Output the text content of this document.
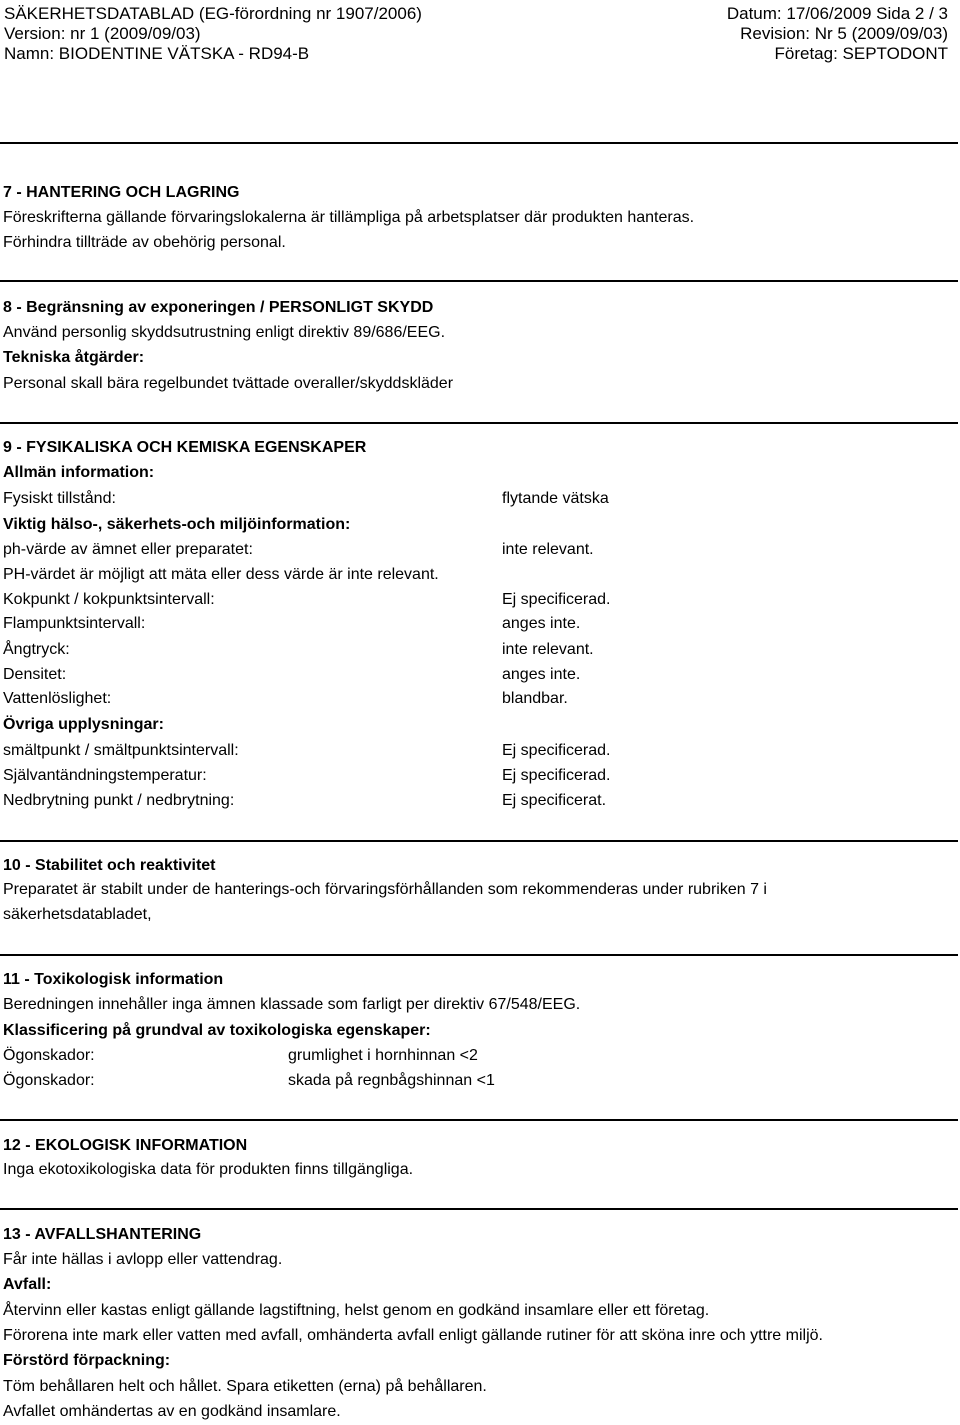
SÄKERHETSDATABLAD (EG-förordning nr 1907/2006)
Version: nr 1 (2009/09/03)
Namn: BIODENTINE VÄTSKA - RD94-B
Datum: 17/06/2009 Sida 2 / 3
Revision: Nr 5 (2009/09/03)
Företag: SEPTODONT
7 - HANTERING OCH LAGRING
Föreskrifterna gällande förvaringslokalerna är tillämpliga på arbetsplatser där produkten hanteras.
Förhindra tillträde av obehörig personal.
8 - Begränsning av exponeringen / PERSONLIGT SKYDD
Använd personlig skyddsutrustning enligt direktiv 89/686/EEG.
Tekniska åtgärder:
Personal skall bära regelbundet tvättade overaller/skyddskläder
9 - FYSIKALISKA OCH KEMISKA EGENSKAPER
Allmän information:
Fysiskt tillstånd:	flytande vätska
Viktig hälso-, säkerhets-och miljöinformation:
ph-värde av ämnet eller preparatet:	inte relevant.
PH-värdet är möjligt att mäta eller dess värde är inte relevant.
Kokpunkt / kokpunktsintervall:	Ej specificerad.
Flampunktsintervall:	anges inte.
Ångtryck:	inte relevant.
Densitet:	anges inte.
Vattenlöslighet:	blandbar.
Övriga upplysningar:
smältpunkt / smältpunktsintervall:	Ej specificerad.
Självantändningstemperatur:	Ej specificerad.
Nedbrytning punkt / nedbrytning:	Ej specificerat.
10 - Stabilitet och reaktivitet
Preparatet är stabilt under de hanterings-och förvaringsförhållanden som rekommenderas under rubriken 7 i
säkerhetsdatabladet,
11 - Toxikologisk information
Beredningen innehåller inga ämnen klassade som farligt per direktiv 67/548/EEG.
Klassificering på grundval av toxikologiska egenskaper:
Ögonskador:	grumlighet i hornhinnan <2
Ögonskador:	skada på regnbågshinnan <1
12 - EKOLOGISK INFORMATION
Inga ekotoxikologiska data för produkten finns tillgängliga.
13 - AVFALLSHANTERING
Får inte hällas i avlopp eller vattendrag.
Avfall:
Återvinn eller kastas enligt gällande lagstiftning, helst genom en godkänd insamlare eller ett företag.
Förorena inte mark eller vatten med avfall, omhänderta avfall enligt gällande rutiner för att sköna inre och yttre miljö.
Förstörd förpackning:
Töm behållaren helt och hållet. Spara etiketten (erna) på behållaren.
Avfallet omhändertas av en godkänd insamlare.
